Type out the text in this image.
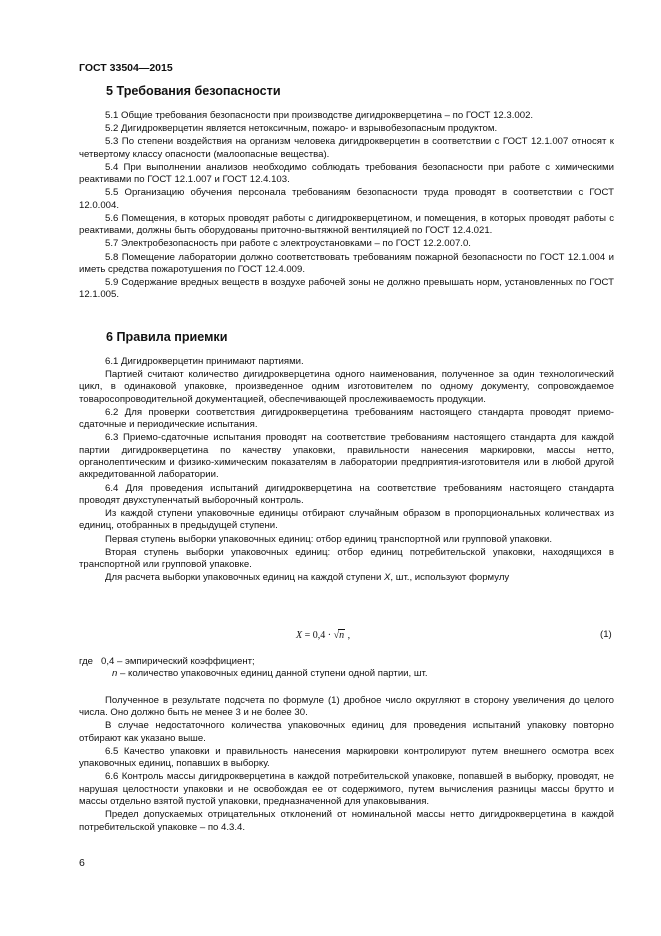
ГОСТ 33504—2015
5 Требования безопасности

5.1 Общие требования безопасности при производстве дигидрокверцетина – по ГОСТ 12.3.002.

5.2 Дигидрокверцетин является нетоксичным, пожаро- и взрывобезопасным продуктом.

5.3 По степени воздействия на организм человека дигидрокверцетин в соответствии с ГОСТ 12.1.007 относят к четвертому классу опасности (малоопасные вещества).

5.4 При выполнении анализов необходимо соблюдать требования безопасности при работе с химическими реактивами по ГОСТ 12.1.007 и ГОСТ 12.4.103.

5.5 Организацию обучения персонала требованиям безопасности труда проводят в соответствии с ГОСТ 12.0.004.

5.6 Помещения, в которых проводят работы с дигидрокверцетином, и помещения, в которых проводят работы с реактивами, должны быть оборудованы приточно-вытяжной вентиляцией по ГОСТ 12.4.021.

5.7 Электробезопасность при работе с электроустановками – по ГОСТ 12.2.007.0.

5.8 Помещение лаборатории должно соответствовать требованиям пожарной безопасности по ГОСТ 12.1.004 и иметь средства пожаротушения по ГОСТ 12.4.009.

5.9 Содержание вредных веществ в воздухе рабочей зоны не должно превышать норм, установленных по ГОСТ 12.1.005.

6 Правила приемки

6.1 Дигидрокверцетин принимают партиями.

Партией считают количество дигидрокверцетина одного наименования, полученное за один технологический цикл, в одинаковой упаковке, произведенное одним изготовителем по одному документу, сопровождаемое товаросопроводительной документацией, обеспечивающей прослеживаемость продукции.

6.2 Для проверки соответствия дигидрокверцетина требованиям настоящего стандарта проводят приемо-сдаточные и периодические испытания.

6.3 Приемо-сдаточные испытания проводят на соответствие требованиям настоящего стандарта для каждой партии дигидрокверцетина по качеству упаковки, правильности нанесения маркировки, массы нетто, органолептическим и физико-химическим показателям в лаборатории предприятия-изготовителя или в любой другой аккредитованной лаборатории.

6.4 Для проведения испытаний дигидрокверцетина на соответствие требованиям настоящего стандарта проводят двухступенчатый выборочный контроль.

Из каждой ступени упаковочные единицы отбирают случайным образом в пропорциональных количествах из единиц, отобранных в предыдущей ступени.

Первая ступень выборки упаковочных единиц: отбор единиц транспортной или групповой упаковки.

Вторая ступень выборки упаковочных единиц: отбор единиц потребительской упаковки, находящихся в транспортной или групповой упаковке.

Для расчета выборки упаковочных единиц на каждой ступени X, шт., используют формулу

X = 0,4 · √n ,	(1)
где 0,4 – эмпирический коэффициент;
n – количество упаковочных единиц данной ступени одной партии, шт.

Полученное в результате подсчета по формуле (1) дробное число округляют в сторону увеличения до целого числа. Оно должно быть не менее 3 и не более 30.

В случае недостаточного количества упаковочных единиц для проведения испытаний упаковку повторно отбирают как указано выше.

6.5 Качество упаковки и правильность нанесения маркировки контролируют путем внешнего осмотра всех упаковочных единиц, попавших в выборку.

6.6 Контроль массы дигидрокверцетина в каждой потребительской упаковке, попавшей в выборку, проводят, не нарушая целостности упаковки и не освобождая ее от содержимого, путем вычисления разницы массы брутто и массы отдельно взятой пустой упаковки, предназначенной для упаковывания.

Предел допускаемых отрицательных отклонений от номинальной массы нетто дигидрокверцетина в каждой потребительской упаковке – по 4.3.4.

6
